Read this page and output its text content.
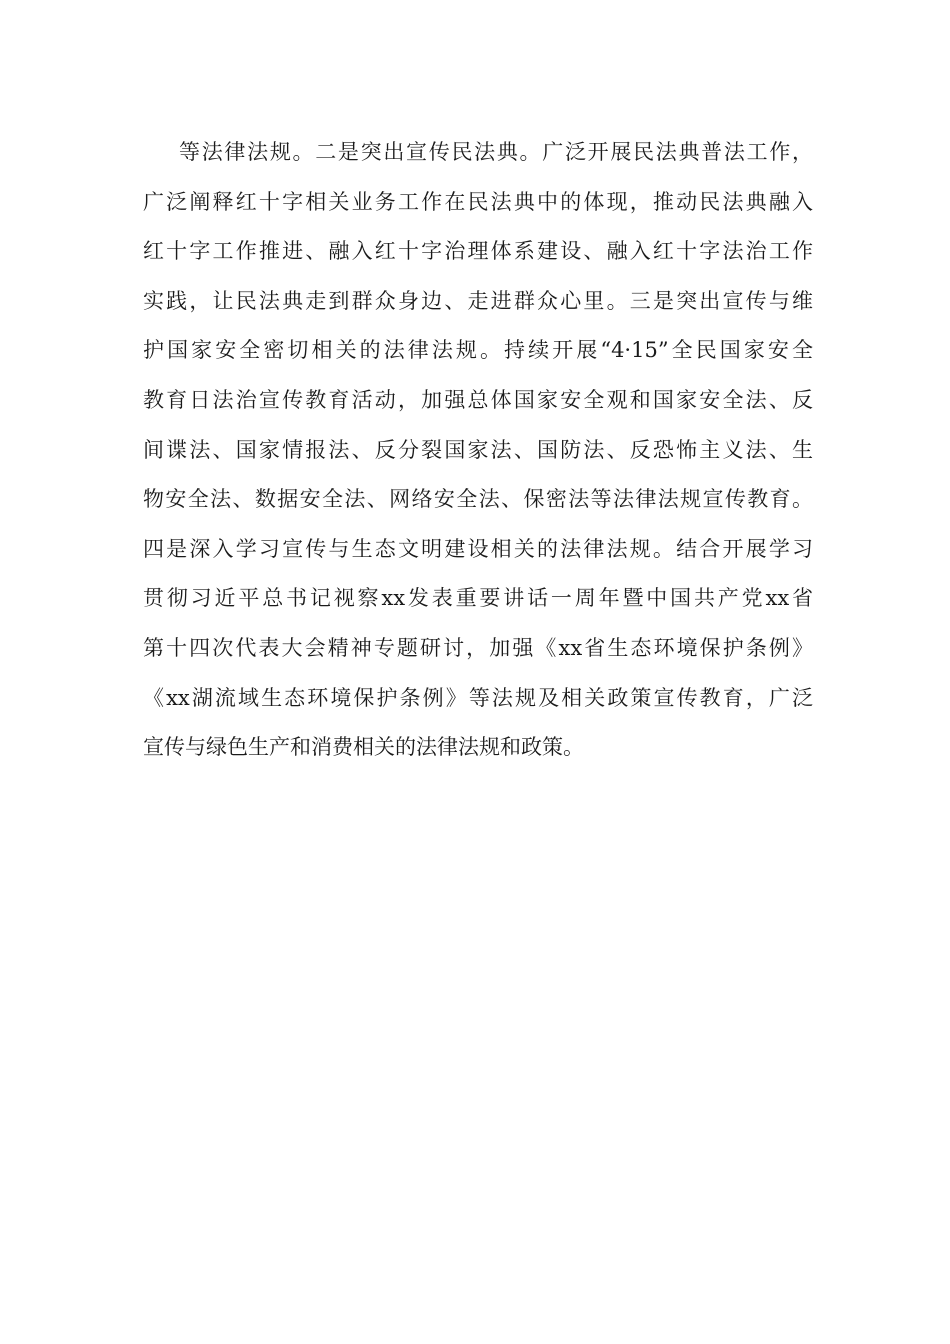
等法律法规。二是突出宣传民法典。广泛开展民法典普法工作，
广泛阐释红十字相关业务工作在民法典中的体现，推动民法典融入
红十字工作推进、融入红十字治理体系建设、融入红十字法治工作
实践，让民法典走到群众身边、走进群众心里。三是突出宣传与维
护国家安全密切相关的法律法规。持续开展“4·15”全民国家安全
教育日法治宣传教育活动，加强总体国家安全观和国家安全法、反
间谍法、国家情报法、反分裂国家法、国防法、反恐怖主义法、生
物安全法、数据安全法、网络安全法、保密法等法律法规宣传教育。
四是深入学习宣传与生态文明建设相关的法律法规。结合开展学习
贯彻习近平总书记视察xx发表重要讲话一周年暨中国共产党xx省
第十四次代表大会精神专题研讨，加强《xx省生态环境保护条例》
《xx湖流域生态环境保护条例》等法规及相关政策宣传教育，广泛
宣传与绿色生产和消费相关的法律法规和政策。
